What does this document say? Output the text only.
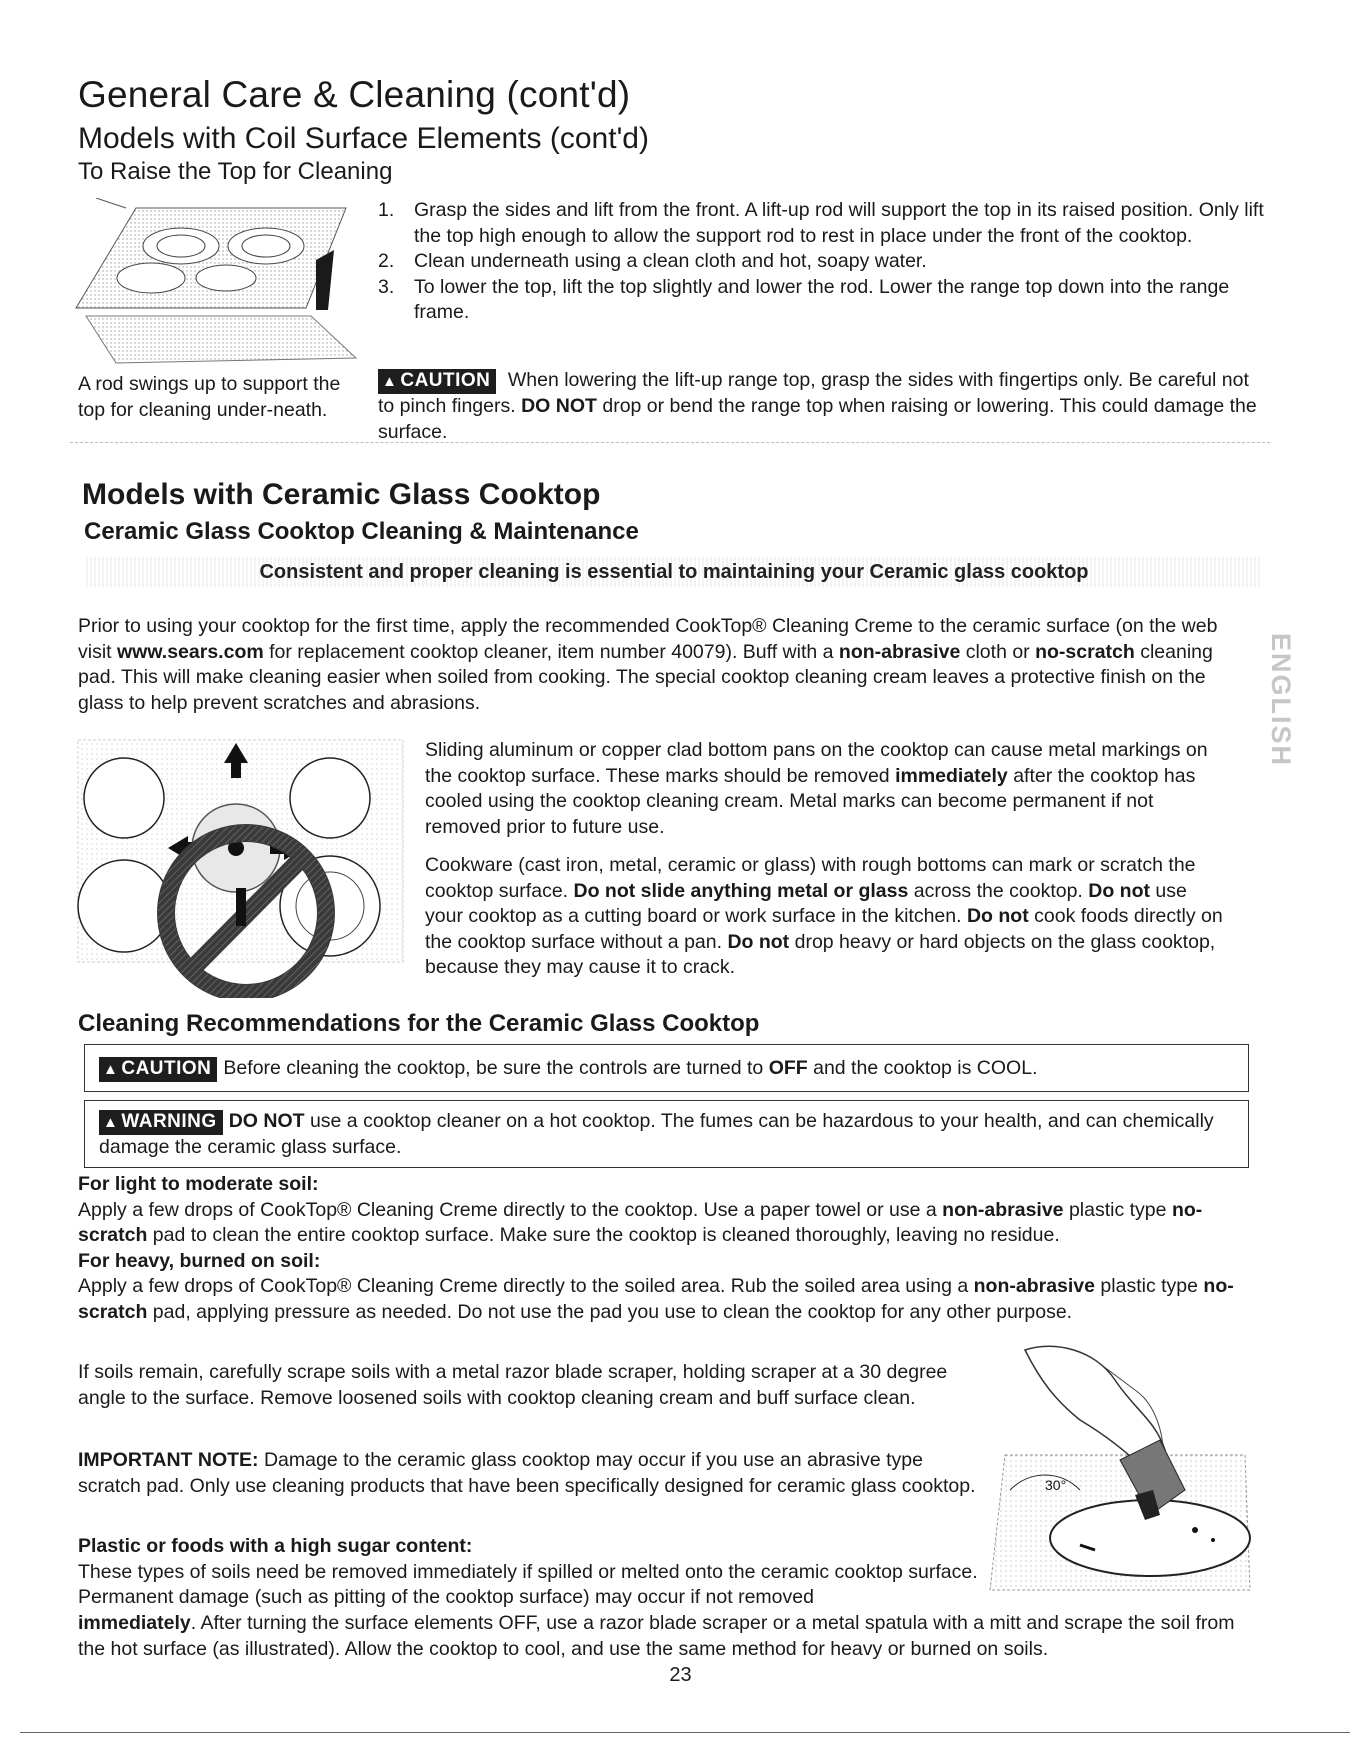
General Care & Cleaning (cont'd)
Models with Coil Surface Elements (cont'd)
To Raise the Top for Cleaning
A rod swings up to support the top for cleaning under-neath.
1. Grasp the sides and lift from the front. A lift-up rod will support the top in its raised position. Only lift the top high enough to allow the support rod to rest in place under the front of the cooktop.
2. Clean underneath using a clean cloth and hot, soapy water.
3. To lower the top, lift the top slightly and lower the rod. Lower the range top down into the range frame.
▲ CAUTION When lowering the lift-up range top, grasp the sides with fingertips only. Be careful not to pinch fingers. DO NOT drop or bend the range top when raising or lowering. This could damage the surface.
Models with Ceramic Glass Cooktop
Ceramic Glass Cooktop Cleaning & Maintenance
Consistent and proper cleaning is essential to maintaining your Ceramic glass cooktop
Prior to using your cooktop for the first time, apply the recommended CookTop® Cleaning Creme to the ceramic surface (on the web visit www.sears.com for replacement cooktop cleaner, item number 40079). Buff with a non-abrasive cloth or no-scratch cleaning pad. This will make cleaning easier when soiled from cooking. The special cooktop cleaning cream leaves a protective finish on the glass to help prevent scratches and abrasions.	ENGLISH
Sliding aluminum or copper clad bottom pans on the cooktop can cause metal markings on the cooktop surface. These marks should be removed immediately after the cooktop has cooled using the cooktop cleaning cream. Metal marks can become permanent if not removed prior to future use.
Cookware (cast iron, metal, ceramic or glass) with rough bottoms can mark or scratch the cooktop surface. Do not slide anything metal or glass across the cooktop. Do not use your cooktop as a cutting board or work surface in the kitchen. Do not cook foods directly on the cooktop surface without a pan. Do not drop heavy or hard objects on the glass cooktop, because they may cause it to crack.
Cleaning Recommendations for the Ceramic Glass Cooktop
▲ CAUTION Before cleaning the cooktop, be sure the controls are turned to OFF and the cooktop is COOL.
▲ WARNING DO NOT use a cooktop cleaner on a hot cooktop. The fumes can be hazardous to your health, and can chemically damage the ceramic glass surface.
For light to moderate soil:
Apply a few drops of CookTop® Cleaning Creme directly to the cooktop. Use a paper towel or use a non-abrasive plastic type no-scratch pad to clean the entire cooktop surface. Make sure the cooktop is cleaned thoroughly, leaving no residue.
For heavy, burned on soil:
Apply a few drops of CookTop® Cleaning Creme directly to the soiled area. Rub the soiled area using a non-abrasive plastic type no-scratch pad, applying pressure as needed. Do not use the pad you use to clean the cooktop for any other purpose.
If soils remain, carefully scrape soils with a metal razor blade scraper, holding scraper at a 30 degree angle to the surface. Remove loosened soils with cooktop cleaning cream and buff surface clean.
IMPORTANT NOTE: Damage to the ceramic glass cooktop may occur if you use an abrasive type scratch pad. Only use cleaning products that have been specifically designed for ceramic glass cooktop.
Plastic or foods with a high sugar content:
These types of soils need be removed immediately if spilled or melted onto the ceramic cooktop surface. Permanent damage (such as pitting of the cooktop surface) may occur if not removed
immediately. After turning the surface elements OFF, use a razor blade scraper or a metal spatula with a mitt and scrape the soil from the hot surface (as illustrated). Allow the cooktop to cool, and use the same method for heavy or burned on soils.
30°
23
